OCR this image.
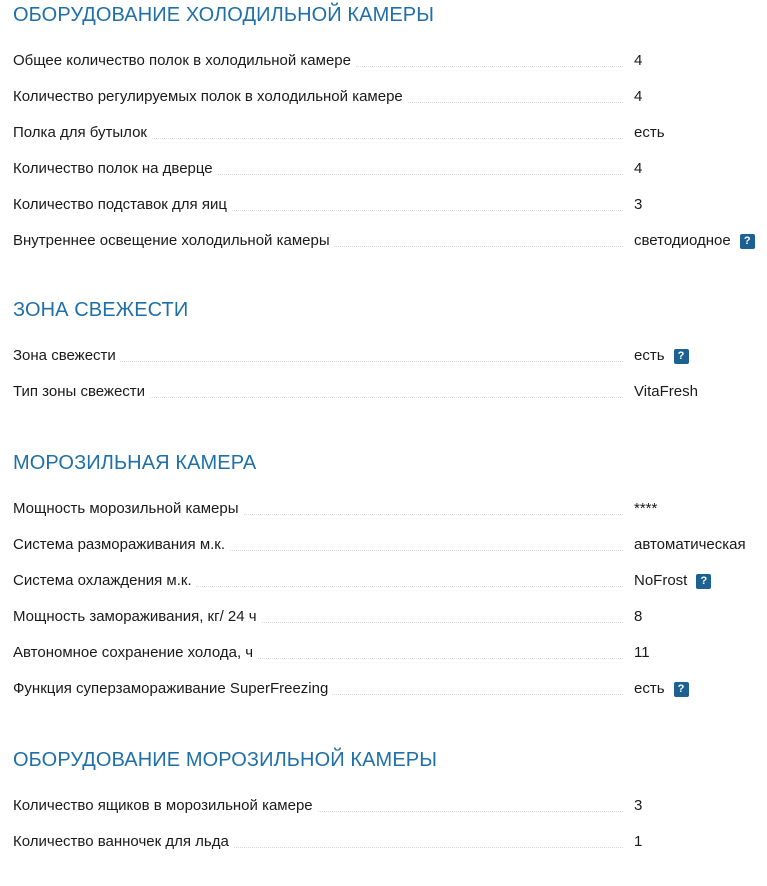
ОБОРУДОВАНИЕ ХОЛОДИЛЬНОЙ КАМЕРЫ
Общее количество полок в холодильной камере	4
Количество регулируемых полок в холодильной камере	4
Полка для бутылок	есть
Количество полок на дверце	4
Количество подставок для яиц	3
Внутреннее освещение холодильной камеры	светодиодное	?
ЗОНА СВЕЖЕСТИ
Зона свежести	есть	?
Тип зоны свежести	VitaFresh
МОРОЗИЛЬНАЯ КАМЕРА
Мощность морозильной камеры	****
Система размораживания м.к.	автоматическая
Система охлаждения м.к.	NoFrost	?
Мощность замораживания, кг/ 24 ч	8
Автономное сохранение холода, ч	11
Функция суперзамораживание SuperFreezing	есть	?
ОБОРУДОВАНИЕ МОРОЗИЛЬНОЙ КАМЕРЫ
Количество ящиков в морозильной камере	3
Количество ванночек для льда	1
